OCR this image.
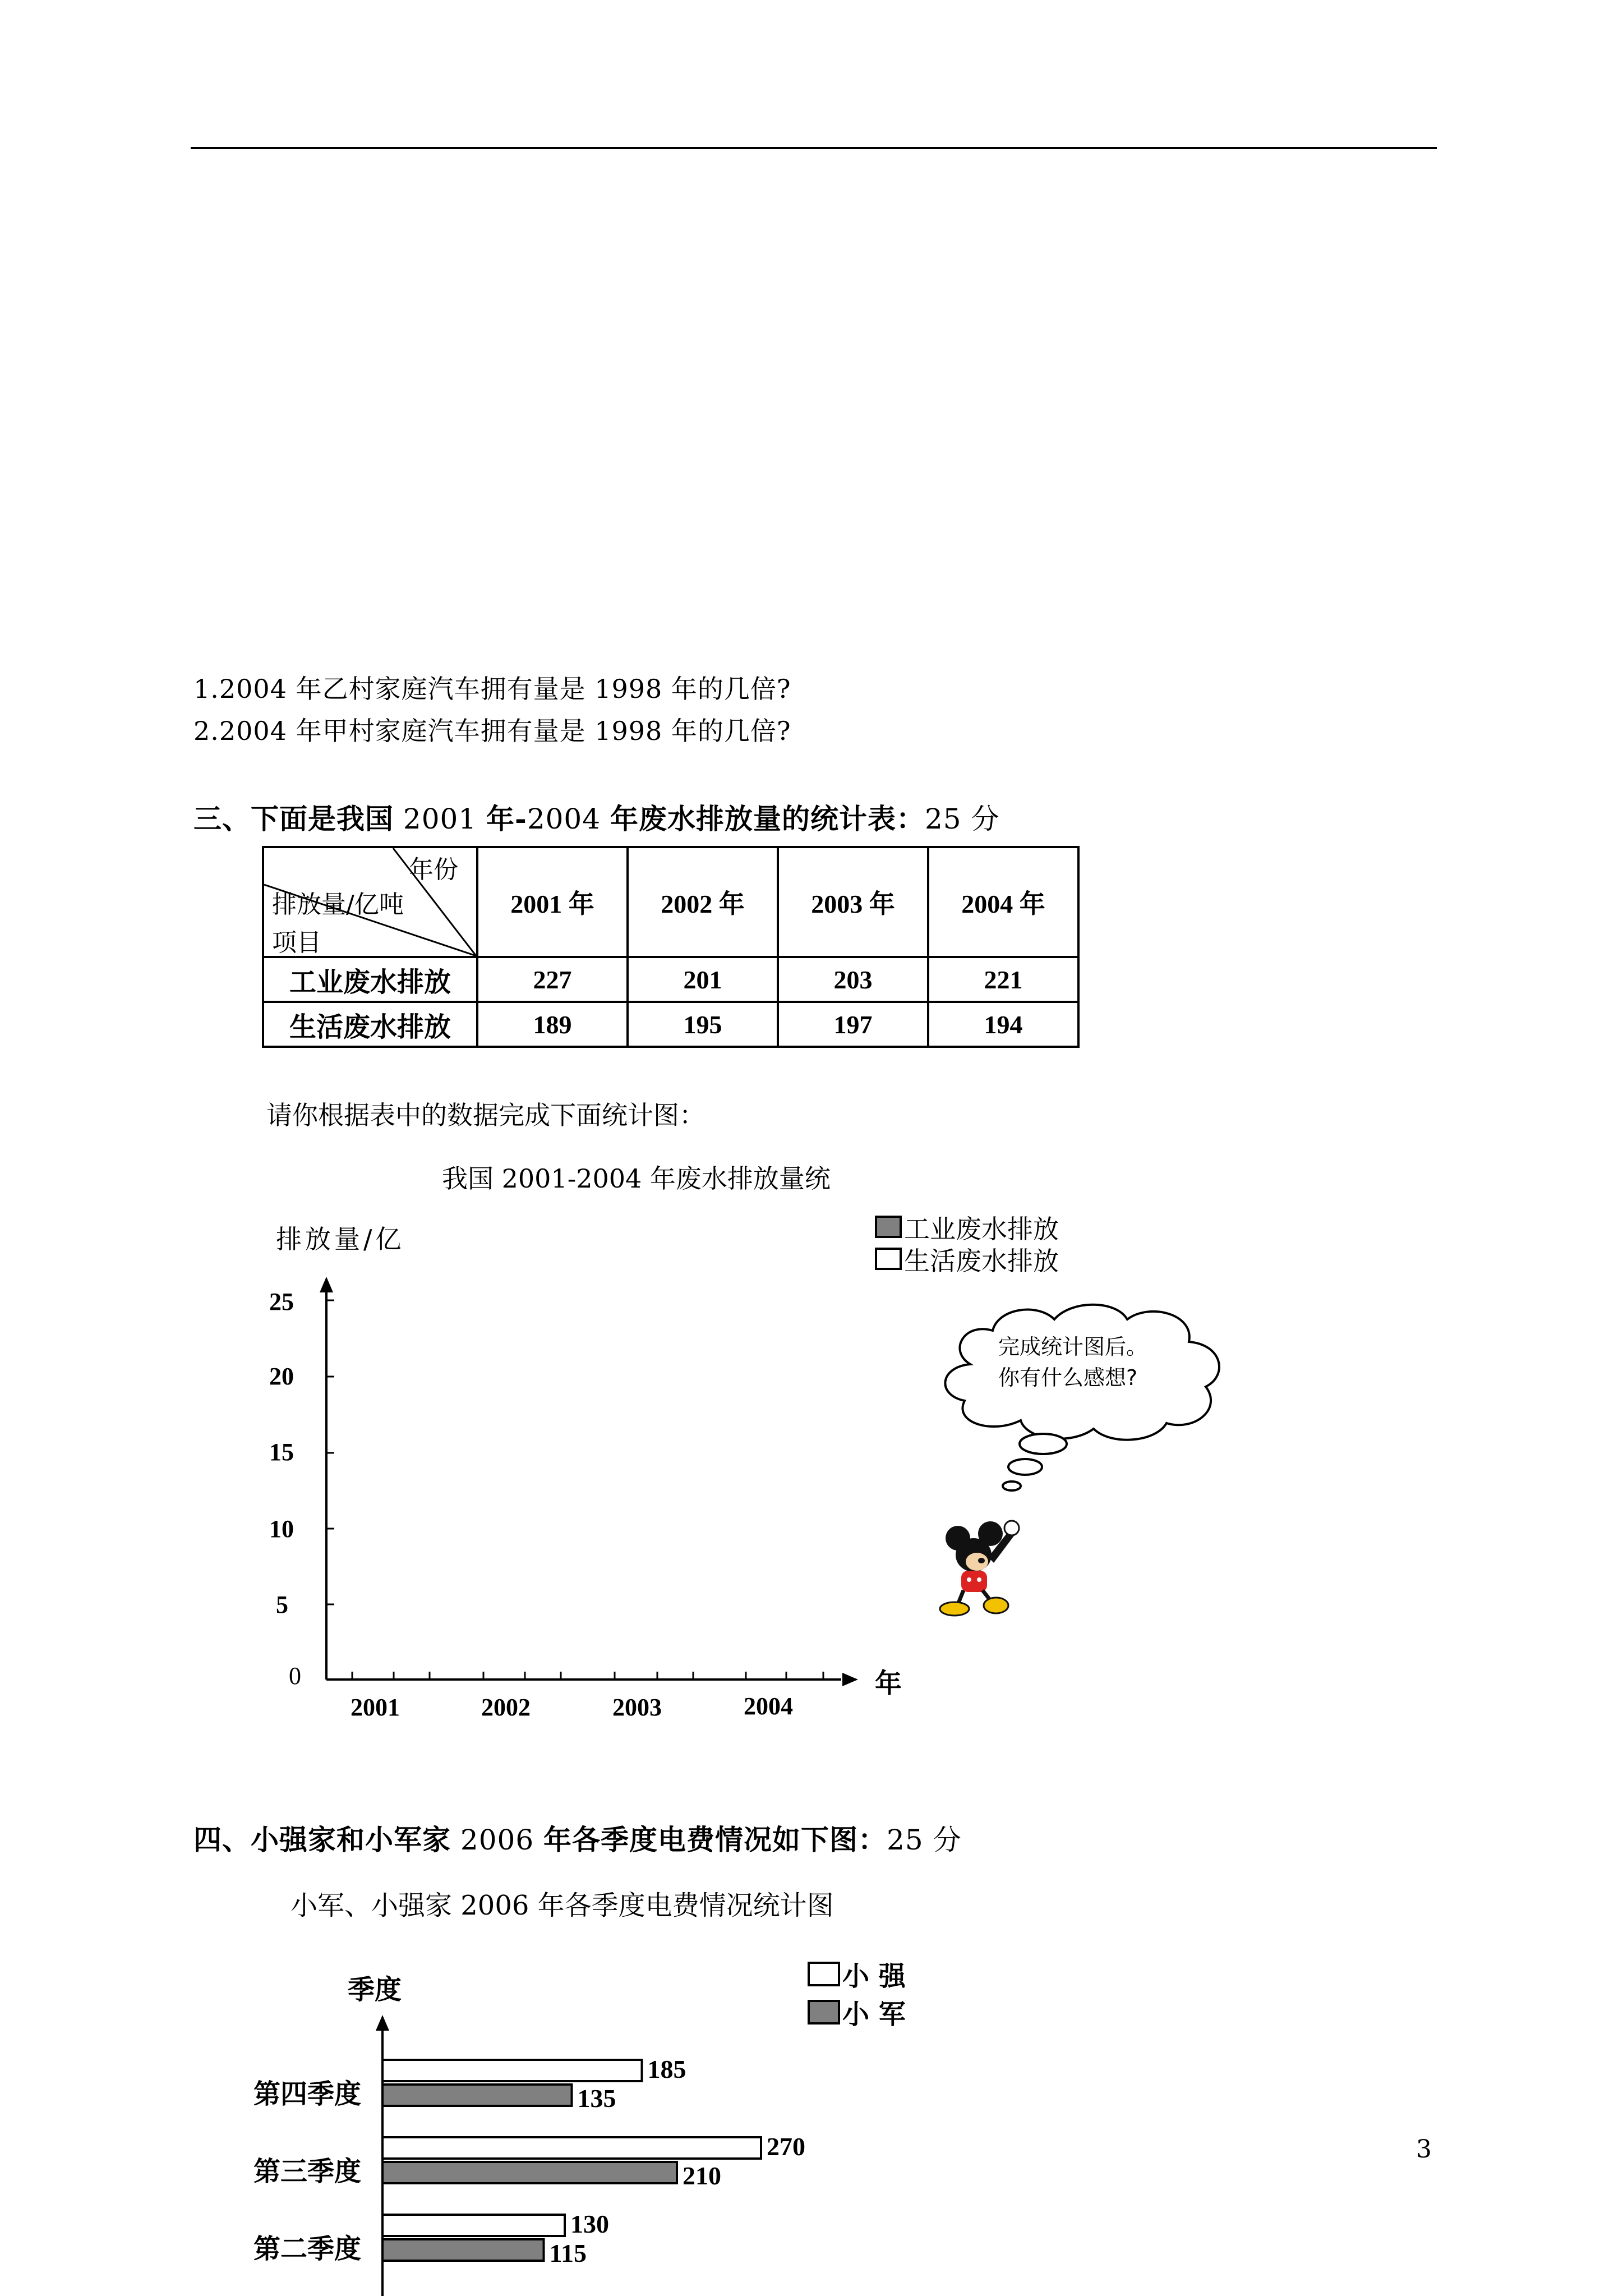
1.2004 年乙村家庭汽车拥有量是 1998 年的几倍?
2.2004 年甲村家庭汽车拥有量是 1998 年的几倍?
三、下面是我国 2001 年-2004 年废水排放量的统计表：25 分
年份
排放量/亿吨
项目	2001 年	2002 年	2003 年	2004 年
工业废水排放	227	201	203	221
生活废水排放	189	195	197	194
请你根据表中的数据完成下面统计图：
我国 2001-2004 年废水排放量统
排放量/亿	工业废水排放
生活废水排放
25
20
15
10
5
0
2001	2002	2003	2004
年
完成统计图后。
你有什么感想?
四、小强家和小军家 2006 年各季度电费情况如下图：25 分
小军、小强家 2006 年各季度电费情况统计图
季度	小 强
小 军
第四季度
185
135
第三季度
270
210
第二季度
130
115
3
